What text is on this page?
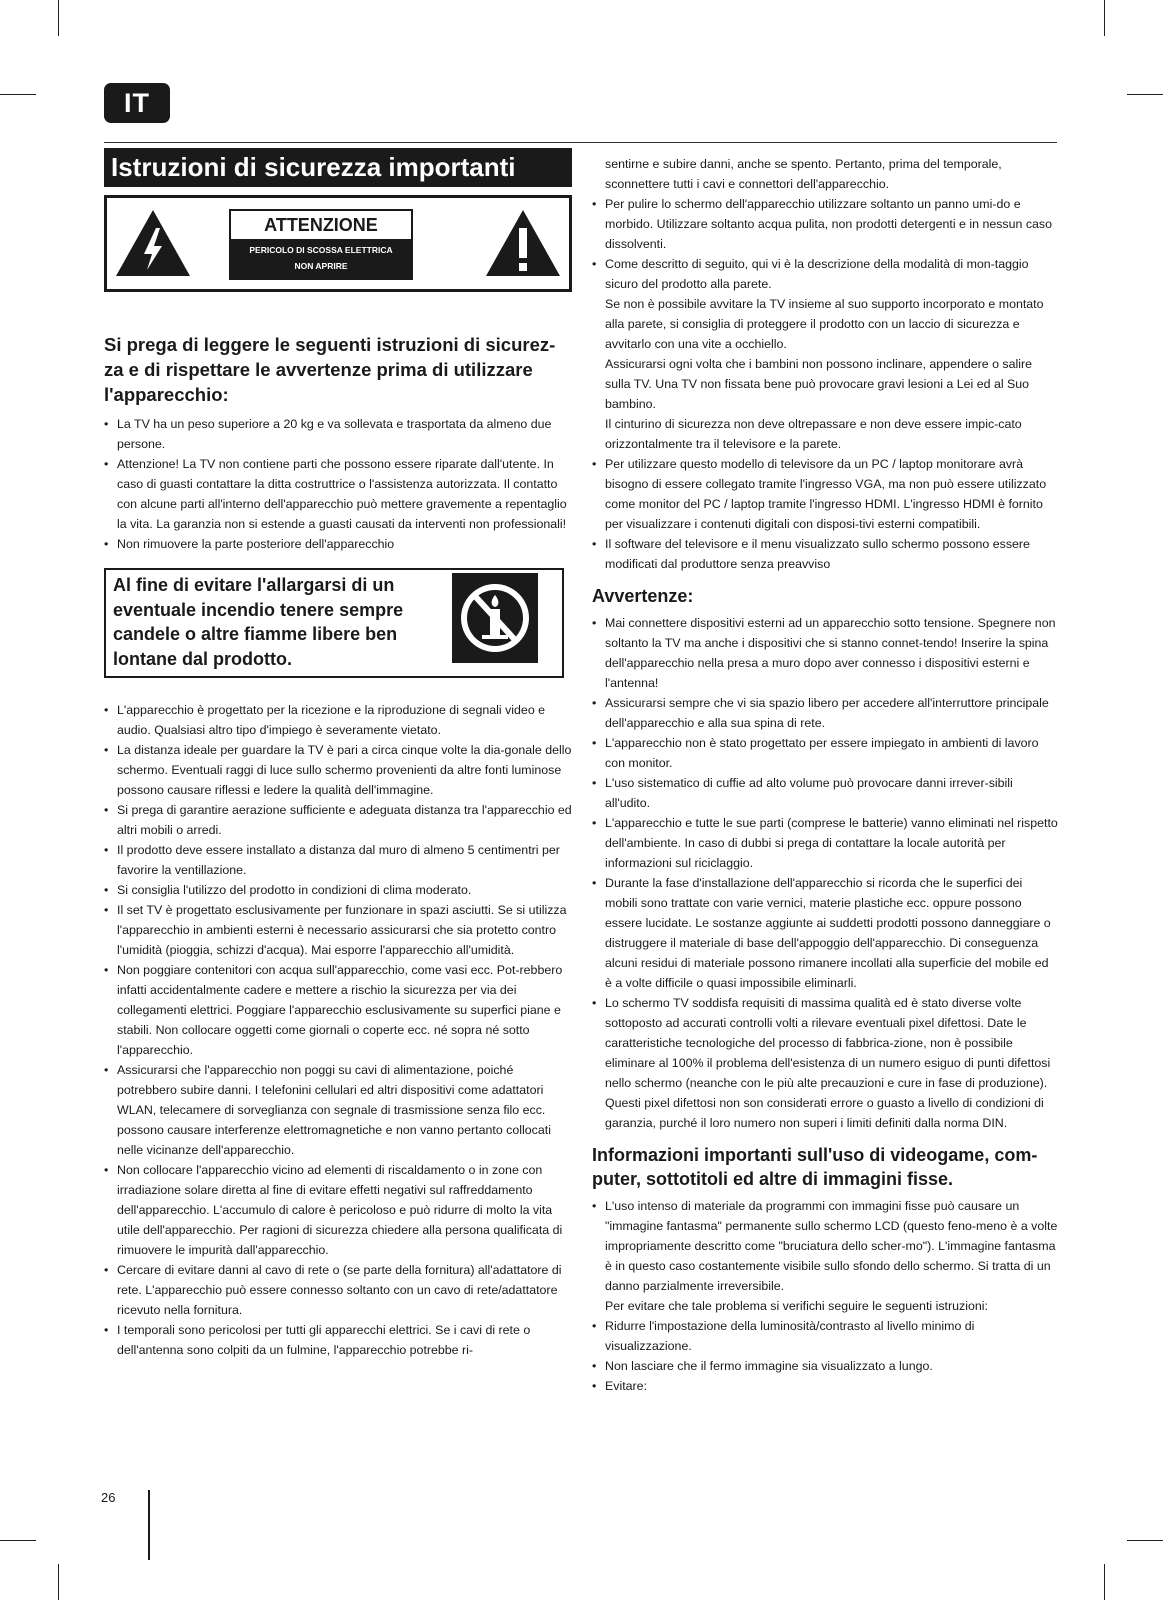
IT
Istruzioni di sicurezza importanti
ATTENZIONE
PERICOLO DI SCOSSA ELETTRICA
NON APRIRE
Si prega di leggere le seguenti istruzioni di sicurez-za e di rispettare le avvertenze prima di utilizzare l'apparecchio:
• La TV ha un peso superiore a 20 kg e va sollevata e trasportata da almeno due persone.
• Attenzione! La TV non contiene parti che possono essere riparate dall'utente. In caso di guasti contattare la ditta costruttrice o l'assistenza autorizzata. Il contatto con alcune parti all'interno dell'apparecchio può mettere gravemente a repentaglio la vita. La garanzia non si estende a guasti causati da interventi non professionali!
• Non rimuovere la parte posteriore dell'apparecchio
Al fine di evitare l'allargarsi di un eventuale incendio tenere sempre candele o altre fiamme libere ben lontane dal prodotto.
• L'apparecchio è progettato per la ricezione e la riproduzione di segnali video e audio. Qualsiasi altro tipo d'impiego è severamente vietato.
• La distanza ideale per guardare la TV è pari a circa cinque volte la dia-gonale dello schermo. Eventuali raggi di luce sullo schermo provenienti da altre fonti luminose possono causare riflessi e ledere la qualità dell'immagine.
• Si prega di garantire aerazione sufficiente e adeguata distanza tra l'apparecchio ed altri mobili o arredi.
• Il prodotto deve essere installato a distanza dal muro di almeno 5 centimentri per favorire la ventillazione.
• Si consiglia l'utilizzo del prodotto in condizioni di clima moderato.
• Il set TV è progettato esclusivamente per funzionare in spazi asciutti. Se si utilizza l'apparecchio in ambienti esterni è necessario assicurarsi che sia protetto contro l'umidità (pioggia, schizzi d'acqua). Mai esporre l'apparecchio all'umidità.
• Non poggiare contenitori con acqua sull'apparecchio, come vasi ecc. Pot-rebbero infatti accidentalmente cadere e mettere a rischio la sicurezza per via dei collegamenti elettrici. Poggiare l'apparecchio esclusivamente su superfici piane e stabili. Non collocare oggetti come giornali o coperte ecc. né sopra né sotto l'apparecchio.
• Assicurarsi che l'apparecchio non poggi su cavi di alimentazione, poiché potrebbero subire danni. I telefonini cellulari ed altri dispositivi come adattatori WLAN, telecamere di sorveglianza con segnale di trasmissione senza filo ecc. possono causare interferenze elettromagnetiche e non vanno pertanto collocati nelle vicinanze dell'apparecchio.
• Non collocare l'apparecchio vicino ad elementi di riscaldamento o in zone con irradiazione solare diretta al fine di evitare effetti negativi sul raffreddamento dell'apparecchio. L'accumulo di calore è pericoloso e può ridurre di molto la vita utile dell'apparecchio. Per ragioni di sicurezza chiedere alla persona qualificata di rimuovere le impurità dall'apparecchio.
• Cercare di evitare danni al cavo di rete o (se parte della fornitura) all'adattatore di rete. L'apparecchio può essere connesso soltanto con un cavo di rete/adattatore ricevuto nella fornitura.
• I temporali sono pericolosi per tutti gli apparecchi elettrici. Se i cavi di rete o dell'antenna sono colpiti da un fulmine, l'apparecchio potrebbe ri-
sentirne e subire danni, anche se spento. Pertanto, prima del temporale, sconnettere tutti i cavi e connettori dell'apparecchio.
• Per pulire lo schermo dell'apparecchio utilizzare soltanto un panno umi-do e morbido. Utilizzare soltanto acqua pulita, non prodotti detergenti e in nessun caso dissolventi.
• Come descritto di seguito, qui vi è la descrizione della modalità di mon-taggio sicuro del prodotto alla parete.
Se non è possibile avvitare la TV insieme al suo supporto incorporato e montato alla parete, si consiglia di proteggere il prodotto con un laccio di sicurezza e avvitarlo con una vite a occhiello.
Assicurarsi ogni volta che i bambini non possono inclinare, appendere o salire sulla TV. Una TV non fissata bene può provocare gravi lesioni a Lei ed al Suo bambino.
Il cinturino di sicurezza non deve oltrepassare e non deve essere impic-cato orizzontalmente tra il televisore e la parete.
• Per utilizzare questo modello di televisore da un PC / laptop monitorare avrà bisogno di essere collegato tramite l'ingresso VGA, ma non può essere utilizzato come monitor del PC / laptop tramite l'ingresso HDMI. L'ingresso HDMI è fornito per visualizzare i contenuti digitali con disposi-tivi esterni compatibili.
• Il software del televisore e il menu visualizzato sullo schermo possono essere modificati dal produttore senza preavviso
Avvertenze:
• Mai connettere dispositivi esterni ad un apparecchio sotto tensione. Spegnere non soltanto la TV ma anche i dispositivi che si stanno connet-tendo! Inserire la spina dell'apparecchio nella presa a muro dopo aver connesso i dispositivi esterni e l'antenna!
• Assicurarsi sempre che vi sia spazio libero per accedere all'interruttore principale dell'apparecchio e alla sua spina di rete.
• L'apparecchio non è stato progettato per essere impiegato in ambienti di lavoro con monitor.
• L'uso sistematico di cuffie ad alto volume può provocare danni irrever-sibili all'udito.
• L'apparecchio e tutte le sue parti (comprese le batterie) vanno eliminati nel rispetto dell'ambiente. In caso di dubbi si prega di contattare la locale autorità per informazioni sul riciclaggio.
• Durante la fase d'installazione dell'apparecchio si ricorda che le superfici dei mobili sono trattate con varie vernici, materie plastiche ecc. oppure possono essere lucidate. Le sostanze aggiunte ai suddetti prodotti possono danneggiare o distruggere il materiale di base dell'appoggio dell'apparecchio. Di conseguenza alcuni residui di materiale possono rimanere incollati alla superficie del mobile ed è a volte difficile o quasi impossibile eliminarli.
• Lo schermo TV soddisfa requisiti di massima qualità ed è stato diverse volte sottoposto ad accurati controlli volti a rilevare eventuali pixel difettosi. Date le caratteristiche tecnologiche del processo di fabbrica-zione, non è possibile eliminare al 100% il problema dell'esistenza di un numero esiguo di punti difettosi nello schermo (neanche con le più alte precauzioni e cure in fase di produzione). Questi pixel difettosi non son considerati errore o guasto a livello di condizioni di garanzia, purché il loro numero non superi i limiti definiti dalla norma DIN.
Informazioni importanti sull'uso di videogame, com-puter, sottotitoli ed altre di immagini fisse.
• L'uso intenso di materiale da programmi con immagini fisse può causare un "immagine fantasma" permanente sullo schermo LCD (questo feno-meno è a volte impropriamente descritto come "bruciatura dello scher-mo"). L'immagine fantasma è in questo caso costantemente visibile sullo sfondo dello schermo. Si tratta di un danno parzialmente irreversibile.
Per evitare che tale problema si verifichi seguire le seguenti istruzioni:
• Ridurre l'impostazione della luminosità/contrasto al livello minimo di visualizzazione.
• Non lasciare che il fermo immagine sia visualizzato a lungo.
• Evitare:
26
